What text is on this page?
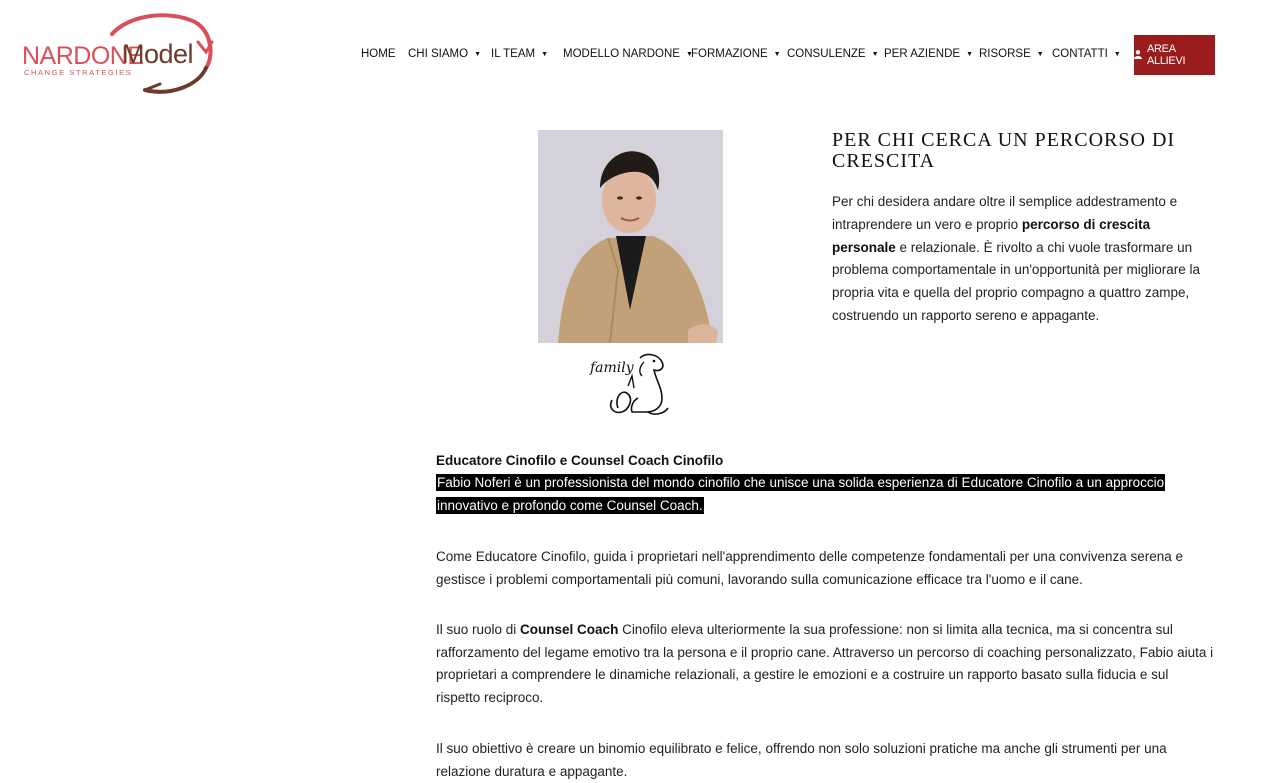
NARDONE
Model
CHANGE STRATEGIES
HOME CHI SIAMO ▼ IL TEAM ▼ MODELLO NARDONE ▼
FORMAZIONE ▼ CONSULENZE ▼ PER AZIENDE ▼ RISORSE ▼ CONTATTI ▼ AREA ALLIEVI
family
PER CHI CERCA UN PERCORSO DI CRESCITA
Per chi desidera andare oltre il semplice addestramento e intraprendere un vero e proprio percorso di crescita personale e relazionale. È rivolto a chi vuole trasformare un problema comportamentale in un'opportunità per migliorare la propria vita e quella del proprio compagno a quattro zampe, costruendo un rapporto sereno e appagante.
Educatore Cinofilo e Counsel Coach Cinofilo
Fabio Noferi è un professionista del mondo cinofilo che unisce una solida esperienza di Educatore Cinofilo a un approccio innovativo e profondo come Counsel Coach.
Come Educatore Cinofilo, guida i proprietari nell'apprendimento delle competenze fondamentali per una convivenza serena e gestisce i problemi comportamentali più comuni, lavorando sulla comunicazione efficace tra l'uomo e il cane.
Il suo ruolo di Counsel Coach Cinofilo eleva ulteriormente la sua professione: non si limita alla tecnica, ma si concentra sul rafforzamento del legame emotivo tra la persona e il proprio cane. Attraverso un percorso di coaching personalizzato, Fabio aiuta i proprietari a comprendere le dinamiche relazionali, a gestire le emozioni e a costruire un rapporto basato sulla fiducia e sul rispetto reciproco.
Il suo obiettivo è creare un binomio equilibrato e felice, offrendo non solo soluzioni pratiche ma anche gli strumenti per una relazione duratura e appagante.
